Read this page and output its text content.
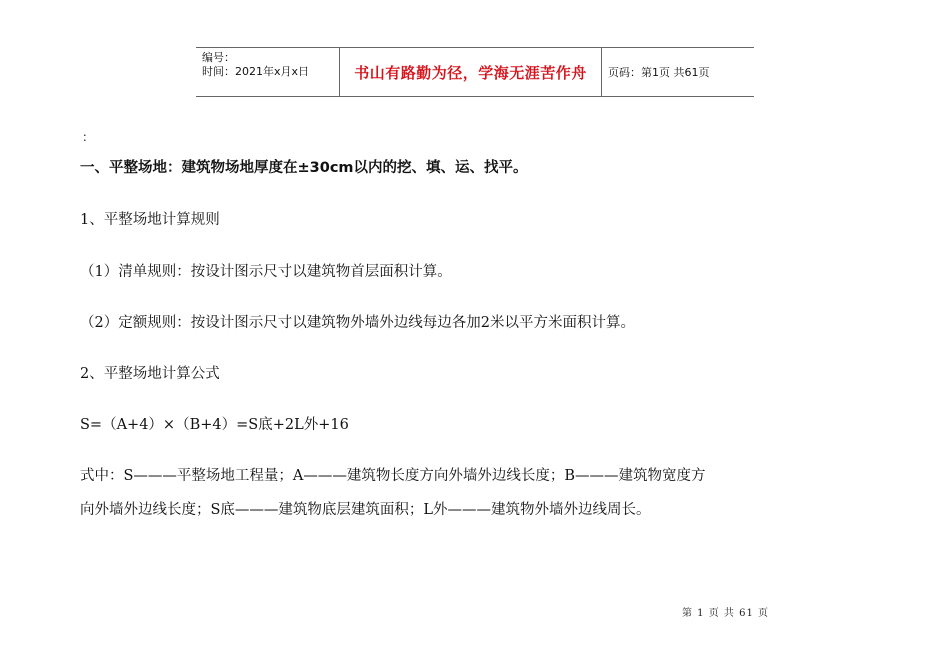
编号：
时间：2021年x月x日	书山有路勤为径，学海无涯苦作舟	页码：第1页 共61页
：
一、平整场地：建筑物场地厚度在±30cm以内的挖、填、运、找平。
1、平整场地计算规则
（1）清单规则：按设计图示尺寸以建筑物首层面积计算。
（2）定额规则：按设计图示尺寸以建筑物外墙外边线每边各加2米以平方米面积计算。
2、平整场地计算公式
S=（A+4）×（B+4）=S底+2L外+16
式中：S———平整场地工程量；A———建筑物长度方向外墙外边线长度；B———建筑物宽度方
向外墙外边线长度；S底———建筑物底层建筑面积；L外———建筑物外墙外边线周长。
第 1 页 共 61 页
